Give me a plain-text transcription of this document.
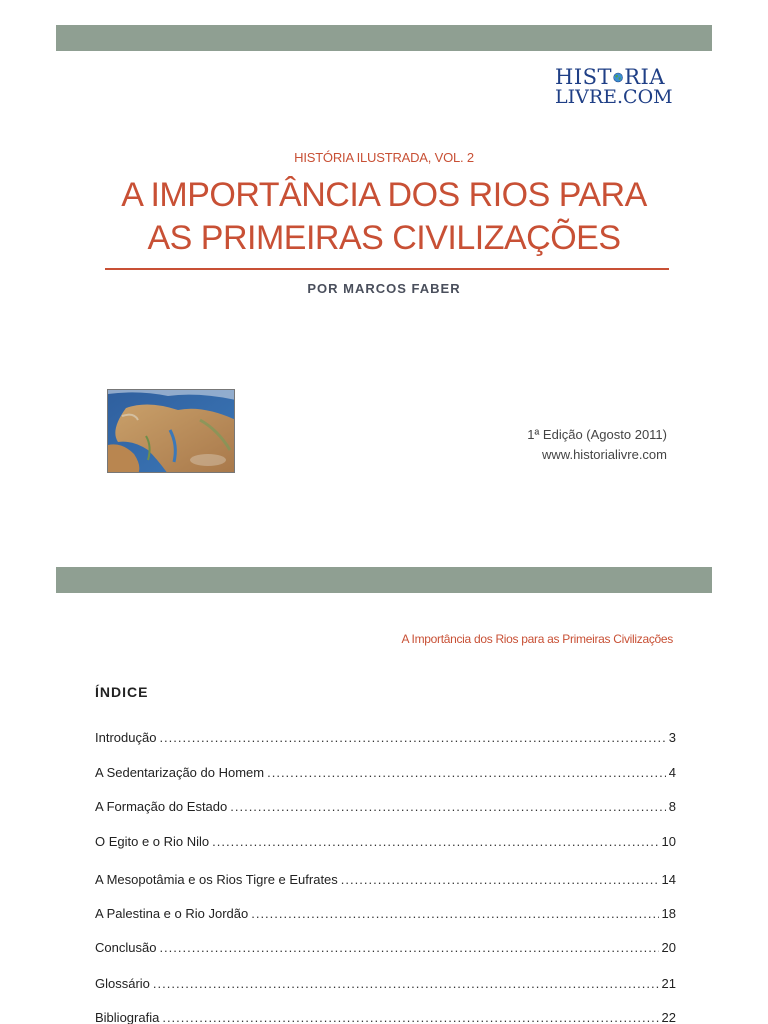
HIST RIA
LIVRE.COM
HISTÓRIA ILUSTRADA, VOL. 2
A IMPORTÂNCIA DOS RIOS PARA
AS PRIMEIRAS CIVILIZAÇÕES
POR MARCOS FABER
1ª Edição (Agosto 2011)
www.historialivre.com
A Importância dos Rios para as Primeiras Civilizações
ÍNDICE
Introdução .....	3
A Sedentarização do Homem .....	4
A Formação do Estado .....	8
O Egito e o Rio Nilo .....	10
A Mesopotâmia e os Rios Tigre e Eufrates .....	14
A Palestina e o Rio Jordão .....	18
Conclusão .....	20
Glossário .....	21
Bibliografia .....	22
